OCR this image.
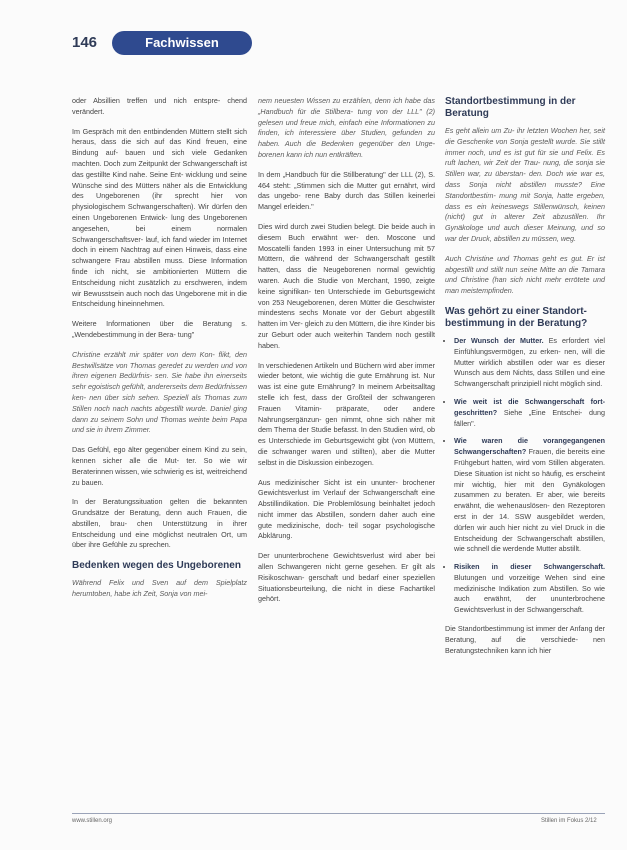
146	Fachwissen

oder Absillien treffen und nich entspre- chend verändert.

Im Gespräch mit den entbindenden Müttern stellt sich heraus, dass die sich auf das Kind freuen, eine Bindung auf- bauen und sich viele Gedanken machten. Doch zum Zeitpunkt der Schwangerschaft ist das gestillte Kind nahe. Seine Ent- wicklung und seine Wünsche sind des Mütters näher als die Entwicklung des Ungeborenen (ihr sprecht hier von physiologischem Schwangerschaften). Wir dürfen den einen Ungeborenen Entwick- lung des Ungeborenen angesehen, bei einem normalen Schwangerschaftsver- lauf, ich fand wieder im Internet doch in einem Nachtrag auf einen Hinweis, dass eine schwangere Frau abstillen muss. Diese Information finde ich nicht, sie ambitionierten Müttern die Entscheidung nicht zusätzlich zu erschweren, indem wir Bewusstsein auch noch das Ungeborene mit in die Entscheidung hineinnehmen.

Weitere Informationen über die Beratung s. „Wendebestimmung in der Bera- tung"

Christine erzählt mir später von dem Kon- flikt, den Bestwillsätze von Thomas geredet zu werden und von ihren eigenen Bedürfnis- sen. Sie habe ihn einerseits sehr egoistisch gefühlt, andererseits dem Bedürfnissen ken- nen über sich sehen. Speziell als Thomas zum Stillen noch nach nachts abgestillt wurde. Daniel ging dann zu seinem Sohn und Thomas weinte beim Papa und sie in ihrem Zimmer.

Das Gefühl, ego älter gegenüber einem Kind zu sein, kennen sicher alle die Mut- ter. So wie wir Beraterinnen wissen, wie schwierig es ist, weitreichend zu bauen.

In der Beratungssituation gelten die bekannten Grundsätze der Beratung, denn auch Frauen, die abstillen, brau- chen Unterstützung in ihrer Entscheidung und eine möglichst neutralen Ort, um über ihre Gefühle zu sprechen.

Bedenken wegen des Ungeborenen

Während Felix und Sven auf dem Spielplatz herumtoben, habe ich Zeit, Sonja von mei-

nem neuesten Wissen zu erzählen, denn ich habe das „Handbuch für die Stillbera- tung von der LLL" (2) gelesen und freue mich, einfach eine Informationen zu finden, ich interessiere über Studien, gefunden zu haben. Auch die Bedenken gegenüber den Unge- borenen kann ich nun entkräften.

In dem „Handbuch für die Stillberatung" der LLL (2), S. 464 steht: „Stimmen sich die Mutter gut ernährt, wird das ungebo- rene Baby durch das Stillen keinerlei Mangel erleiden."

Dies wird durch zwei Studien belegt. Die beide auch in diesem Buch erwähnt wer- den. Moscone und Moscatelli fanden 1993 in einer Untersuchung mit 57 Müttern, die während der Schwangerschaft gestillt hatten, dass die Neugeborenen normal gewichtig waren. Auch die Studie von Merchant, 1990, zeigte keine signifikan- ten Unterschiede im Geburtsgewicht von 253 Neugeborenen, deren Mütter die Geschwister mindestens sechs Monate vor der Geburt abgestillt hatten im Ver- gleich zu den Müttern, die ihre Kinder bis zur Geburt oder auch weiterhin Tandem noch gestillt haben.

In verschiedenen Artikeln und Büchern wird aber immer wieder betont, wie wichtig die gute Ernährung ist. Nur was ist eine gute Ernährung? In meinem Arbeitsalltag stelle ich fest, dass der Großteil der schwangeren Frauen Vitamin- präparate, oder andere Nahrungsergänzun- gen nimmt, ohne sich näher mit dem Thema der Studie befasst. In den Studien wird, ob es Unterschiede im Geburtsgewicht gibt (von Müttern, die schwanger waren und stillten), aber die Mutter selbst in die Diskussion einbezogen.

Aus medizinischer Sicht ist ein ununter- brochener Gewichtsverlust im Verlauf der Schwangerschaft eine Abstillindikation. Die Problemlösung beinhaltet jedoch nicht immer das Abstillen, sondern daher auch eine gute medizinische, doch- teil sogar psychologische Abklärung.

Der ununterbrochene Gewichtsverlust wird aber bei allen Schwangeren nicht gerne gesehen. Er gilt als Risikoschwan- gerschaft und bedarf einer speziellen Situationsbeurteilung, die nicht in diese Fachartikel gehört.

Standortbestimmung in der Beratung

Es geht allein um Zu- ihr letzten Wochen her, seit die Geschenke von Sonja gestellt wurde. Sie stillt immer noch, und es ist gut für sie und Felix. Es ruft lachen, wir Zeit der Trau- nung, die sonja sie Stillen war, zu überstan- den. Doch wie war es, dass Sonja nicht abstillen musste? Eine Standortbestim- mung mit Sonja, hatte ergeben, dass es ein keineswegs Stillenwünsch, keinen (nicht) gut in alterer Zeit abzustillen. Ihr Gynäkologe und auch dieser Meinung, und so war der Druck, abstillen zu müssen, weg.

Auch Christine und Thomas geht es gut. Er ist abgestillt und stillt nun seine Mitte an die Tamara und Christine (han sich nicht mehr errötete und man meistempfinden.

Was gehört zu einer Standort- bestimmung in der Beratung?
• Der Wunsch der Mutter. Es erfordert viel Einfühlungsvermögen, zu erken- nen, will die Mutter wirklich abstillen oder war es dieser Wunsch aus dem Nichts, dass Stillen und eine Schwangerschaft prinzipiell nicht möglich sind.
• Wie weit ist die Schwangerschaft fort- geschritten? Siehe „Eine Entschei- dung fällen".
• Wie waren die vorangegangenen Schwangerschaften? Frauen, die bereits eine Frühgeburt hatten, wird vom Stillen abgeraten. Diese Situation ist nicht so häufig, es erscheint mir wichtig, hier mit den Gynäkologen zusammen zu beraten. Er aber, wie bereits erwähnt, die wehenauslösen- den Rezeptoren erst in der 14. SSW ausgebildet werden, dürfen wir auch hier nicht zu viel Druck in die Entscheidung der Schwangerschaft abstillen, wie schnell die werdende Mutter abstillt.
• Risiken in dieser Schwangerschaft. Blutungen und vorzeitige Wehen sind eine medizinische Indikation zum Abstillen. So wie auch erwähnt, der ununterbrochene Gewichtsverlust in der Schwangerschaft.

Die Standortbestimmung ist immer der Anfang der Beratung, auf die verschiede- nen Beratungstechniken kann ich hier

www.stillen.org	Stillen im Fokus 2/12
